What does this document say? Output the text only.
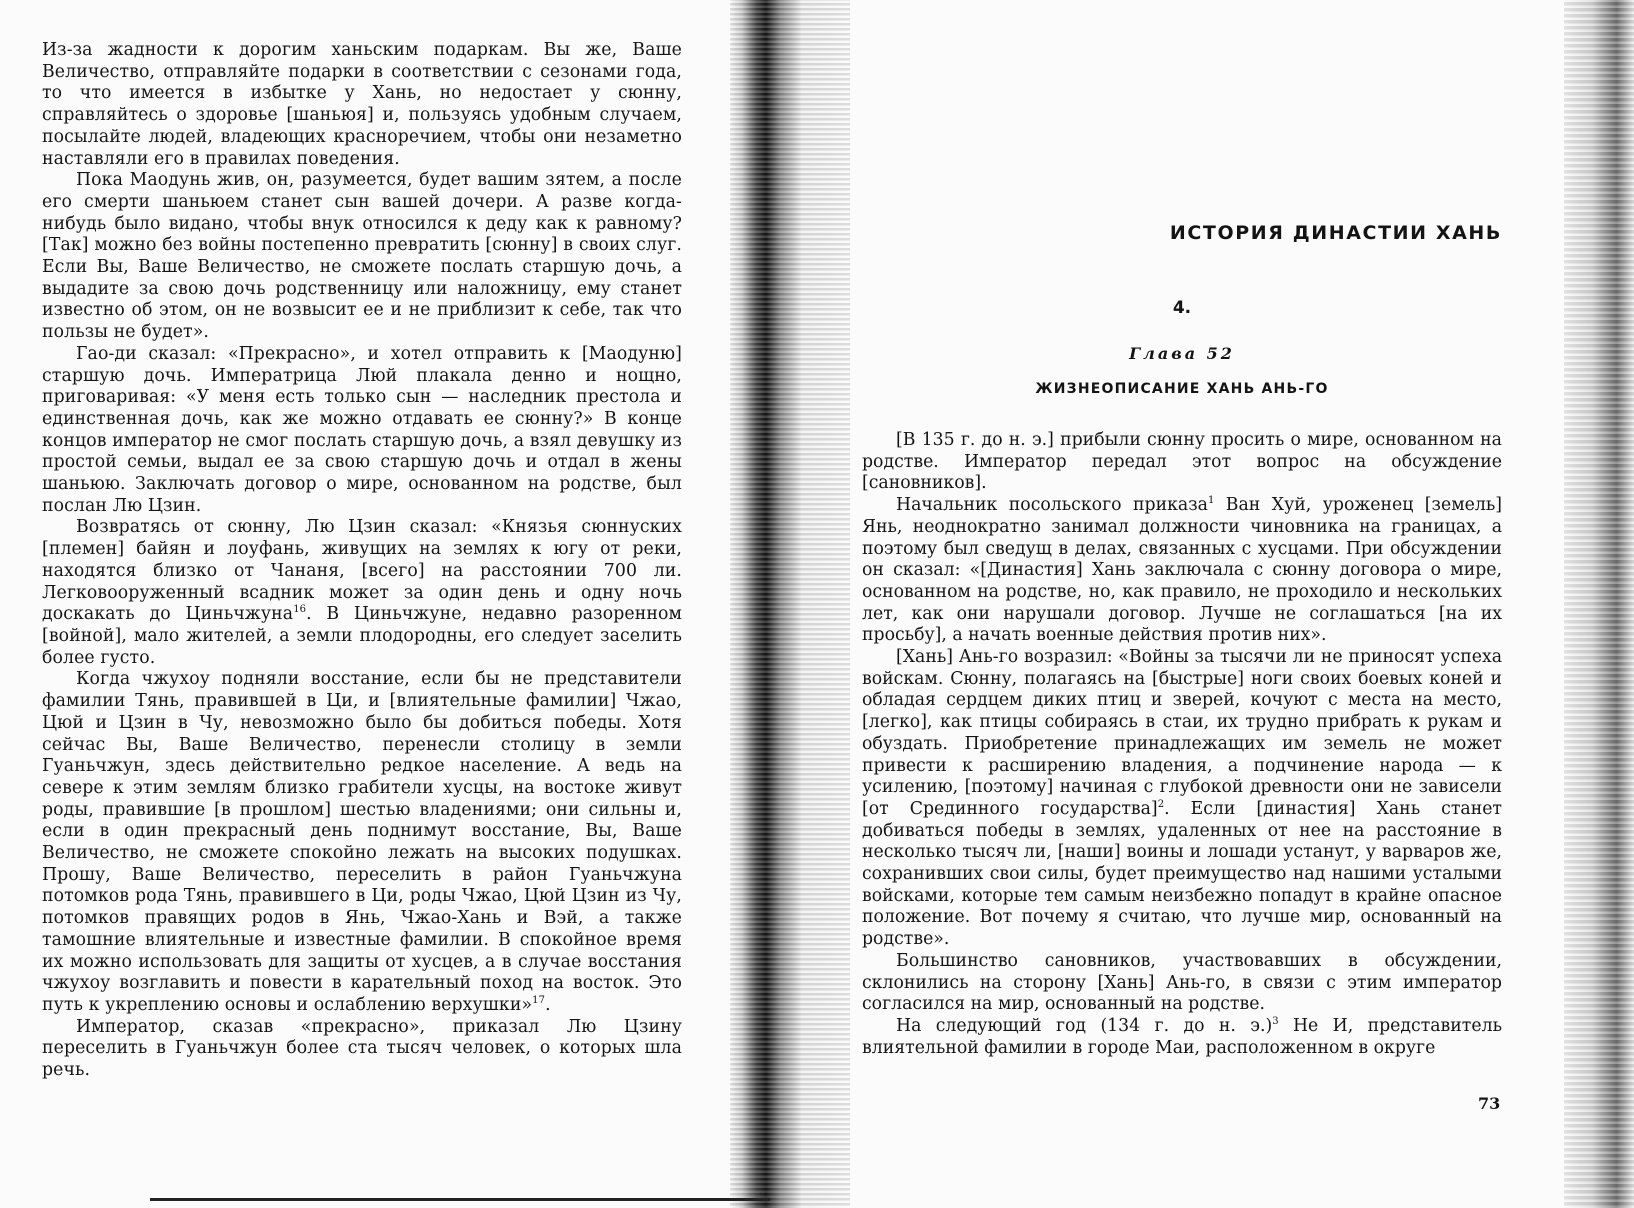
Из-за жадности к дорогим ханьским подаркам. Вы же, Ваше Величество, отправляйте подарки в соответствии с сезонами года, то что имеется в избытке у Хань, но недостает у сюнну, справляйтесь о здоровье [шаньюя] и, пользуясь удобным случаем, посылайте людей, владеющих красноречием, чтобы они незаметно наставляли его в правилах поведения.

Пока Маодунь жив, он, разумеется, будет вашим зятем, а после его смерти шаньюем станет сын вашей дочери. А разве когда-нибудь было видано, чтобы внук относился к деду как к равному? [Так] можно без войны постепенно превратить [сюнну] в своих слуг. Если Вы, Ваше Величество, не сможете послать старшую дочь, а выдадите за свою дочь родственницу или наложницу, ему станет известно об этом, он не возвысит ее и не приблизит к себе, так что пользы не будет».

Гао-ди сказал: «Прекрасно», и хотел отправить к [Маодуню] старшую дочь. Императрица Люй плакала денно и нощно, приговаривая: «У меня есть только сын — наследник престола и единственная дочь, как же можно отдавать ее сюнну?» В конце концов император не смог послать старшую дочь, а взял девушку из простой семьи, выдал ее за свою старшую дочь и отдал в жены шаньюю. Заключать договор о мире, основанном на родстве, был послан Лю Цзин.

Возвратясь от сюнну, Лю Цзин сказал: «Князья сюннуских [племен] байян и лоуфань, живущих на землях к югу от реки, находятся близко от Чананя, [всего] на расстоянии 700 ли. Легковооруженный всадник может за один день и одну ночь доскакать до Циньчжуна$^{16}$. В Циньчжуне, недавно разоренном [войной], мало жителей, а земли плодородны, его следует заселить более густо.

Когда чжухоу подняли восстание, если бы не представители фамилии Тянь, правившей в Ци, и [влиятельные фамилии] Чжао, Цюй и Цзин в Чу, невозможно было бы добиться победы. Хотя сейчас Вы, Ваше Величество, перенесли столицу в земли Гуаньчжун, здесь действительно редкое население. А ведь на севере к этим землям близко грабители хусцы, на востоке живут роды, правившие [в прошлом] шестью владениями; они сильны и, если в один прекрасный день поднимут восстание, Вы, Ваше Величество, не сможете спокойно лежать на высоких подушках. Прошу, Ваше Величество, переселить в район Гуаньчжуна потомков рода Тянь, правившего в Ци, роды Чжао, Цюй Цзин из Чу, потомков правящих родов в Янь, Чжао-Хань и Вэй, а также тамошние влиятельные и известные фамилии. В спокойное время их можно использовать для защиты от хусцев, а в случае восстания чжухоу возглавить и повести в карательный поход на восток. Это путь к укреплению основы и ослаблению верхушки»$^{17}$.

Император, сказав «прекрасно», приказал Лю Цзину переселить в Гуаньчжун более ста тысяч человек, о которых шла речь.

ИСТОРИЯ ДИНАСТИИ ХАНЬ
4.
Глава 52
ЖИЗНЕОПИСАНИЕ ХАНЬ АНЬ-ГО

[В 135 г. до н. э.] прибыли сюнну просить о мире, основанном на родстве. Император передал этот вопрос на обсуждение [сановников].

Начальник посольского приказа$^1$ Ван Хуй, уроженец [земель] Янь, неоднократно занимал должности чиновника на границах, а поэтому был сведущ в делах, связанных с хусцами. При обсуждении он сказал: «[Династия] Хань заключала с сюнну договора о мире, основанном на родстве, но, как правило, не проходило и нескольких лет, как они нарушали договор. Лучше не соглашаться [на их просьбу], а начать военные действия против них».

[Хань] Ань-го возразил: «Войны за тысячи ли не приносят успеха войскам. Сюнну, полагаясь на [быстрые] ноги своих боевых коней и обладая сердцем диких птиц и зверей, кочуют с места на место, [легко], как птицы собираясь в стаи, их трудно прибрать к рукам и обуздать. Приобретение принадлежащих им земель не может привести к расширению владения, а подчинение народа — к усилению, [поэтому] начиная с глубокой древности они не зависели [от Срединного государства]$^2$. Если [династия] Хань станет добиваться победы в землях, удаленных от нее на расстояние в несколько тысяч ли, [наши] воины и лошади устанут, у варваров же, сохранивших свои силы, будет преимущество над нашими усталыми войсками, которые тем самым неизбежно попадут в крайне опасное положение. Вот почему я считаю, что лучше мир, основанный на родстве».

Большинство сановников, участвовавших в обсуждении, склонились на сторону [Хань] Ань-го, в связи с этим император согласился на мир, основанный на родстве.

На следующий год (134 г. до н. э.)$^3$ Не И, представитель влиятельной фамилии в городе Маи, расположенном в округе

73
